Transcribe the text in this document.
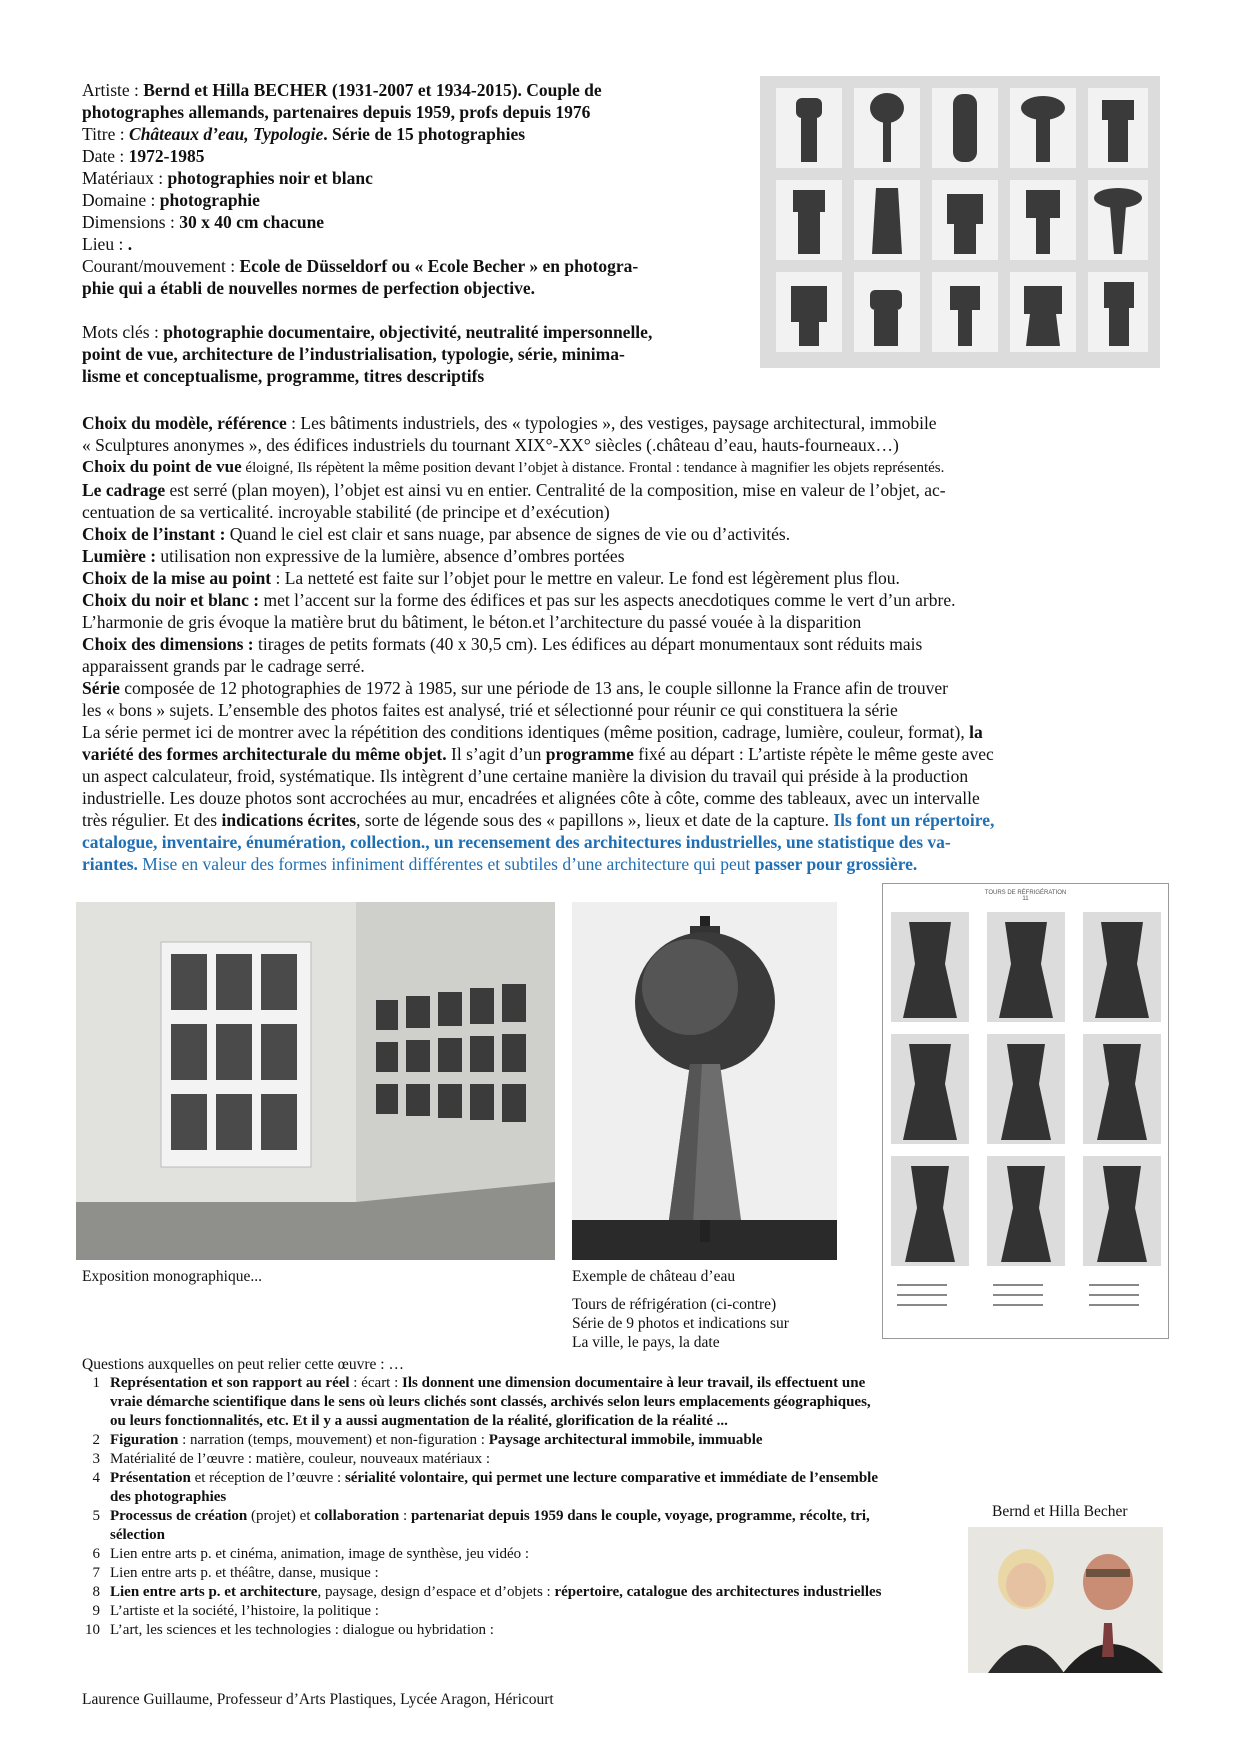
Artiste : Bernd et Hilla BECHER (1931-2007 et 1934-2015). Couple de
photographes allemands, partenaires depuis 1959, profs depuis 1976
Titre : Châteaux d’eau, Typologie. Série de 15 photographies
Date : 1972-1985
Matériaux : photographies noir et blanc
Domaine : photographie
Dimensions : 30 x 40 cm chacune
Lieu : .
Courant/mouvement : Ecole de Düsseldorf ou « Ecole Becher » en photogra-
phie qui a établi de nouvelles normes de perfection objective.
Mots clés : photographie documentaire, objectivité, neutralité impersonnelle,
point de vue, architecture de l’industrialisation, typologie, série, minima-
lisme et conceptualisme, programme, titres descriptifs
Choix du modèle, référence : Les bâtiments industriels, des « typologies », des vestiges, paysage architectural, immobile
« Sculptures anonymes », des édifices industriels du tournant XIX°-XX° siècles (.château d’eau, hauts-fourneaux…)
Choix du point de vue éloigné, Ils répètent la même position devant l’objet à distance. Frontal : tendance à magnifier les objets représentés.
Le cadrage est serré (plan moyen), l’objet est ainsi vu en entier. Centralité de la composition, mise en valeur de l’objet, ac-
centuation de sa verticalité. incroyable stabilité (de principe et d’exécution)
Choix de l’instant : Quand le ciel est clair et sans nuage, par absence de signes de vie ou d’activités.
Lumière : utilisation non expressive de la lumière, absence d’ombres portées
Choix de la mise au point : La netteté est faite sur l’objet pour le mettre en valeur. Le fond est légèrement plus flou.
Choix du noir et blanc : met l’accent sur la forme des édifices et pas sur les aspects anecdotiques comme le vert d’un arbre.
L’harmonie de gris évoque la matière brut du bâtiment, le béton.et l’architecture du passé vouée à la disparition
Choix des dimensions : tirages de petits formats (40 x 30,5 cm). Les édifices au départ monumentaux sont réduits mais
apparaissent grands par le cadrage serré.
Série composée de 12 photographies de 1972 à 1985, sur une période de 13 ans, le couple sillonne la France afin de trouver
les « bons » sujets. L’ensemble des photos faites est analysé, trié et sélectionné pour réunir ce qui constituera la série
La série permet ici de montrer avec la répétition des conditions identiques (même position, cadrage, lumière, couleur, format), la
variété des formes architecturale du même objet. Il s’agit d’un programme fixé au départ : L’artiste répète le même geste avec
un aspect calculateur, froid, systématique. Ils intègrent d’une certaine manière la division du travail qui préside à la production
industrielle. Les douze photos sont accrochées au mur, encadrées et alignées côte à côte, comme des tableaux, avec un intervalle
très régulier. Et des indications écrites, sorte de légende sous des « papillons », lieux et date de la capture. Ils font un répertoire,
catalogue, inventaire, énumération, collection., un recensement des architectures industrielles, une statistique des va-
riantes. Mise en valeur des formes infiniment différentes et subtiles d’une architecture qui peut passer pour grossière.
TOURS DE RÉFRIGÉRATION
11
Exposition monographique...	Exemple de château d’eau
Tours de réfrigération (ci-contre)
Série de 9 photos et indications sur
La ville, le pays, la date
Questions auxquelles on peut relier cette œuvre : …
1 Représentation et son rapport au réel : écart : Ils donnent une dimension documentaire à leur travail, ils effectuent une vraie démarche scientifique dans le sens où leurs clichés sont classés, archivés selon leurs emplacements géographiques, ou leurs fonctionnalités, etc. Et il y a aussi augmentation de la réalité, glorification de la réalité ...
2 Figuration : narration (temps, mouvement) et non-figuration : Paysage architectural immobile, immuable
3 Matérialité de l’œuvre : matière, couleur, nouveaux matériaux :
4 Présentation et réception de l’œuvre : sérialité volontaire, qui permet une lecture comparative et immédiate de l’ensemble des photographies
5 Processus de création (projet) et collaboration : partenariat depuis 1959 dans le couple, voyage, programme, récolte, tri, sélection
6 Lien entre arts p. et cinéma, animation, image de synthèse, jeu vidéo :
7 Lien entre arts p. et théâtre, danse, musique :
8 Lien entre arts p. et architecture, paysage, design d’espace et d’objets : répertoire, catalogue des architectures industrielles
9 L’artiste et la société, l’histoire, la politique :
10 L’art, les sciences et les technologies : dialogue ou hybridation :
Bernd et Hilla Becher
Laurence Guillaume, Professeur d’Arts Plastiques, Lycée Aragon, Héricourt
